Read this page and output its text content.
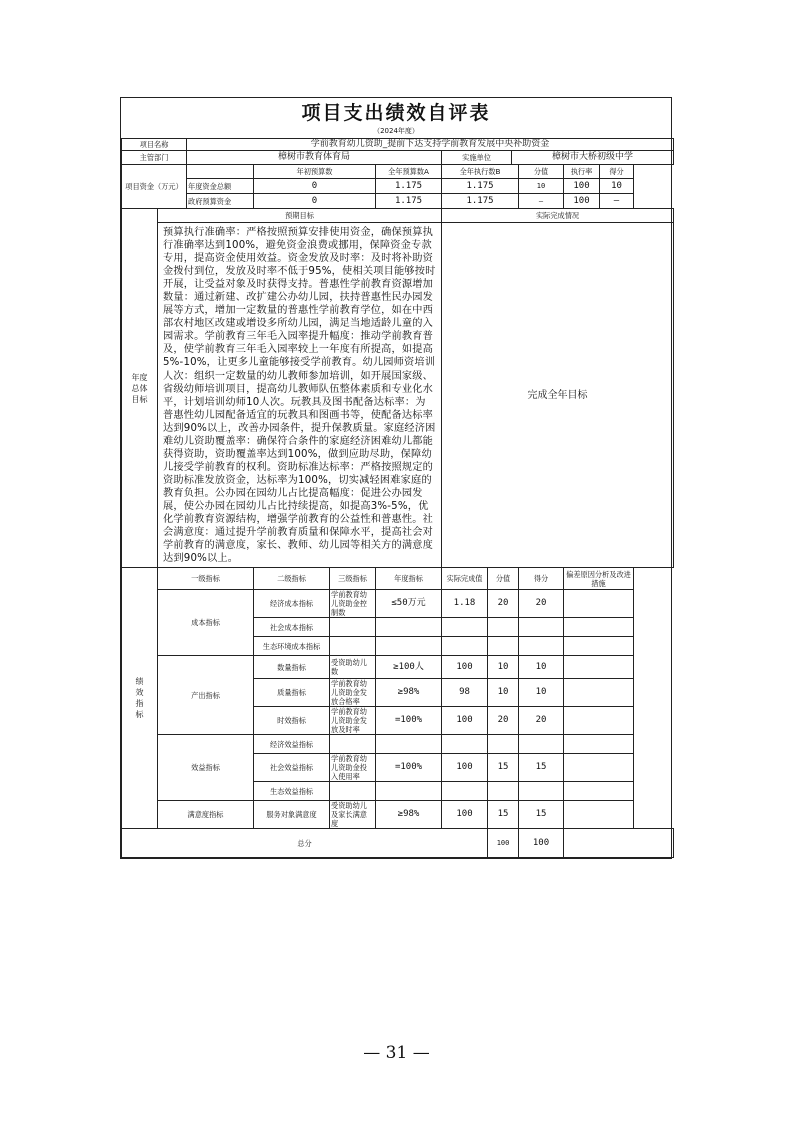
项目支出绩效自评表
（2024年度）
项目名称		学前教育幼儿资助_提前下达支持学前教育发展中央补助资金									
主管部门		樟树市教育体育局				实施单位		樟树市大桥初级中学			
项目资金（万元）			年初预算数		全年预算数A	全年执行数B			分值	执行率	得分
		年度资金总额	0		1.175	1.175			10	100	10
		政府预算资金	0		1.175	1.175			—	100	—
年度总体目标	预期目标					实际完成情况					
	预算执行准确率：严格按照预算安排使用资金，确保预算执行准确率达到100%，避免资金浪费或挪用，保障资金专款专用，提高资金使用效益。资金发放及时率：及时将补助资金拨付到位，发放及时率不低于95%，使相关项目能够按时开展，让受益对象及时获得支持。普惠性学前教育资源增加数量：通过新建、改扩建公办幼儿园，扶持普惠性民办园发展等方式，增加一定数量的普惠性学前教育学位，如在中西部农村地区改建或增设多所幼儿园，满足当地适龄儿童的入园需求。学前教育三年毛入园率提升幅度：推动学前教育普及，使学前教育三年毛入园率较上一年度有所提高，如提高5%-10%，让更多儿童能够接受学前教育。幼儿园师资培训人次：组织一定数量的幼儿教师参加培训，如开展国家级、省级幼师培训项目，提高幼儿教师队伍整体素质和专业化水平，计划培训幼师10人次。玩教具及图书配备达标率：为普惠性幼儿园配备适宜的玩教具和图画书等，使配备达标率达到90%以上，改善办园条件，提升保教质量。家庭经济困难幼儿资助覆盖率：确保符合条件的家庭经济困难幼儿都能获得资助，资助覆盖率达到100%，做到应助尽助，保障幼儿接受学前教育的权利。资助标准达标率：严格按照规定的资助标准发放资金，达标率为100%，切实减轻困难家庭的教育负担。公办园在园幼儿占比提高幅度：促进公办园发展，使公办园在园幼儿占比持续提高，如提高3%-5%，优化学前教育资源结构，增强学前教育的公益性和普惠性。社会满意度：通过提升学前教育质量和保障水平，提高社会对学前教育的满意度，家长、教师、幼儿园等相关方的满意度达到90%以上。					完成全年目标					
绩效指标	一级指标		二级指标	三级指标	年度指标	实际完成值	分值		得分	偏差原因分析及改进措施	
	成本指标		经济成本指标	学前教育幼儿资助金控制数	≤50万元	1.18	20		20		
			社会成本指标								
			生态环境成本指标								
	产出指标		数量指标	受资助幼儿数	≥100人	100	10		10		
			质量指标	学前教育幼儿资助金发放合格率	≥98%	98	10		10		
			时效指标	学前教育幼儿资助金发放及时率	=100%	100	20		20		
	效益指标		经济效益指标								
			社会效益指标	学前教育幼儿资助金投入使用率	=100%	100	15		15		
			生态效益指标								
	满意度指标		服务对象满意度	受资助幼儿及家长满意度	≥98%	100	15		15		
总分							100		100		
— 31 —
